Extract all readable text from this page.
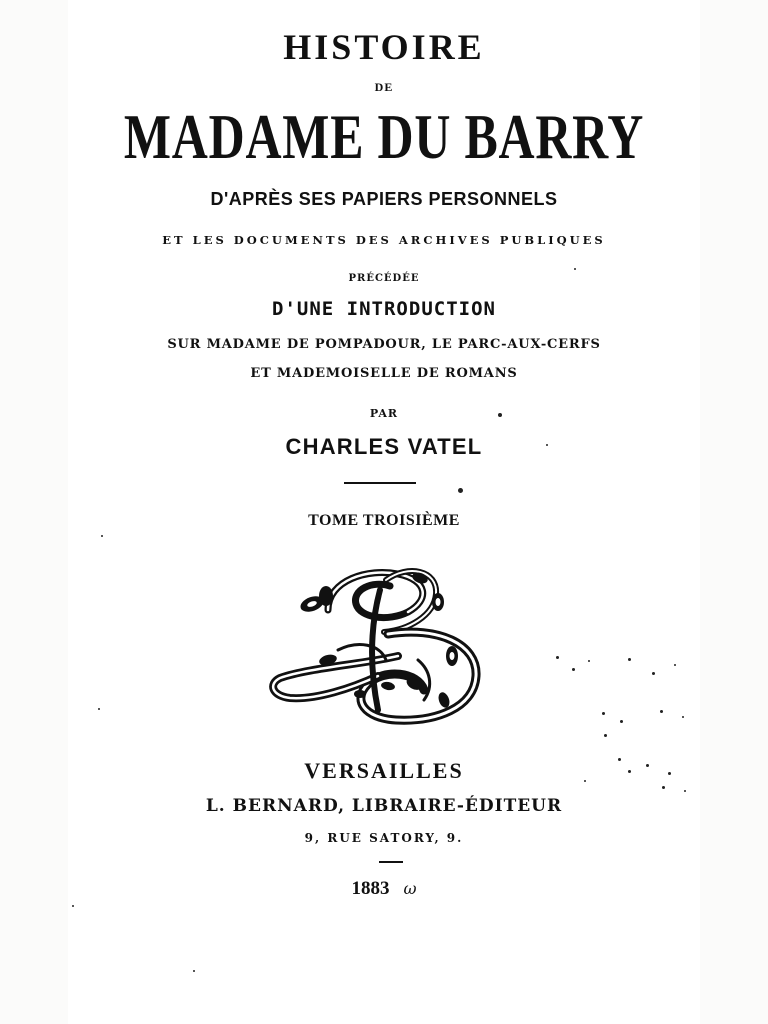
HISTOIRE
DE
MADAME DU BARRY
D'APRÈS SES PAPIERS PERSONNELS
ET LES DOCUMENTS DES ARCHIVES PUBLIQUES
PRÉCÉDÉE
D'UNE INTRODUCTION
SUR MADAME DE POMPADOUR, LE PARC-AUX-CERFS
ET MADEMOISELLE DE ROMANS
PAR
CHARLES VATEL
TOME TROISIÈME
VERSAILLES
L. BERNARD, LIBRAIRE-ÉDITEUR
9, RUE SATORY, 9.
1883 ω
